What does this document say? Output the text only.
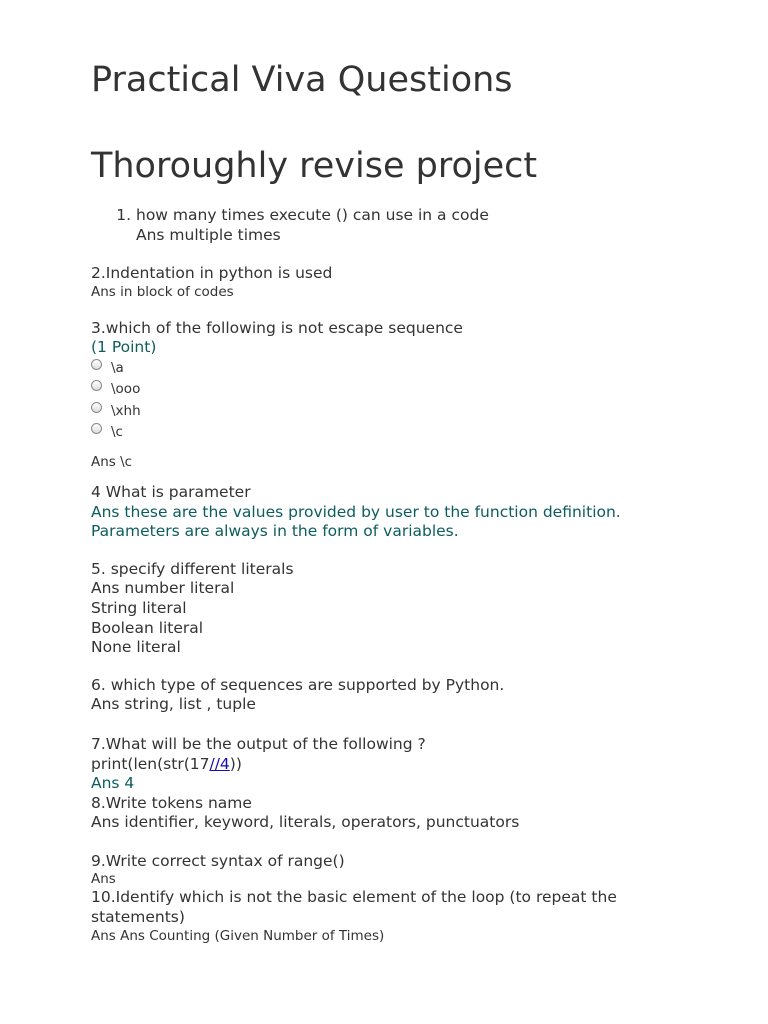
Practical Viva Questions
Thoroughly revise project
1. how many times execute () can use in a code
Ans multiple times
2.Indentation in python is used
Ans in block of codes
3.which of the following is not escape sequence
(1 Point)
\a
\ooo
\xhh
\c
Ans \c
4 What is parameter
Ans these are the values provided by user to the function definition.
Parameters are always in the form of variables.
5. specify different literals
Ans number literal
String literal
Boolean literal
None literal
6. which type of sequences are supported by Python.
Ans string, list , tuple
7.What will be the output of the following ?
print(len(str(17//4))
Ans 4
8.Write tokens name
Ans identifier, keyword, literals, operators, punctuators
9.Write correct syntax of range()
Ans
10.Identify which is not the basic element of the loop (to repeat the statements)
Ans Ans Counting (Given Number of Times)
